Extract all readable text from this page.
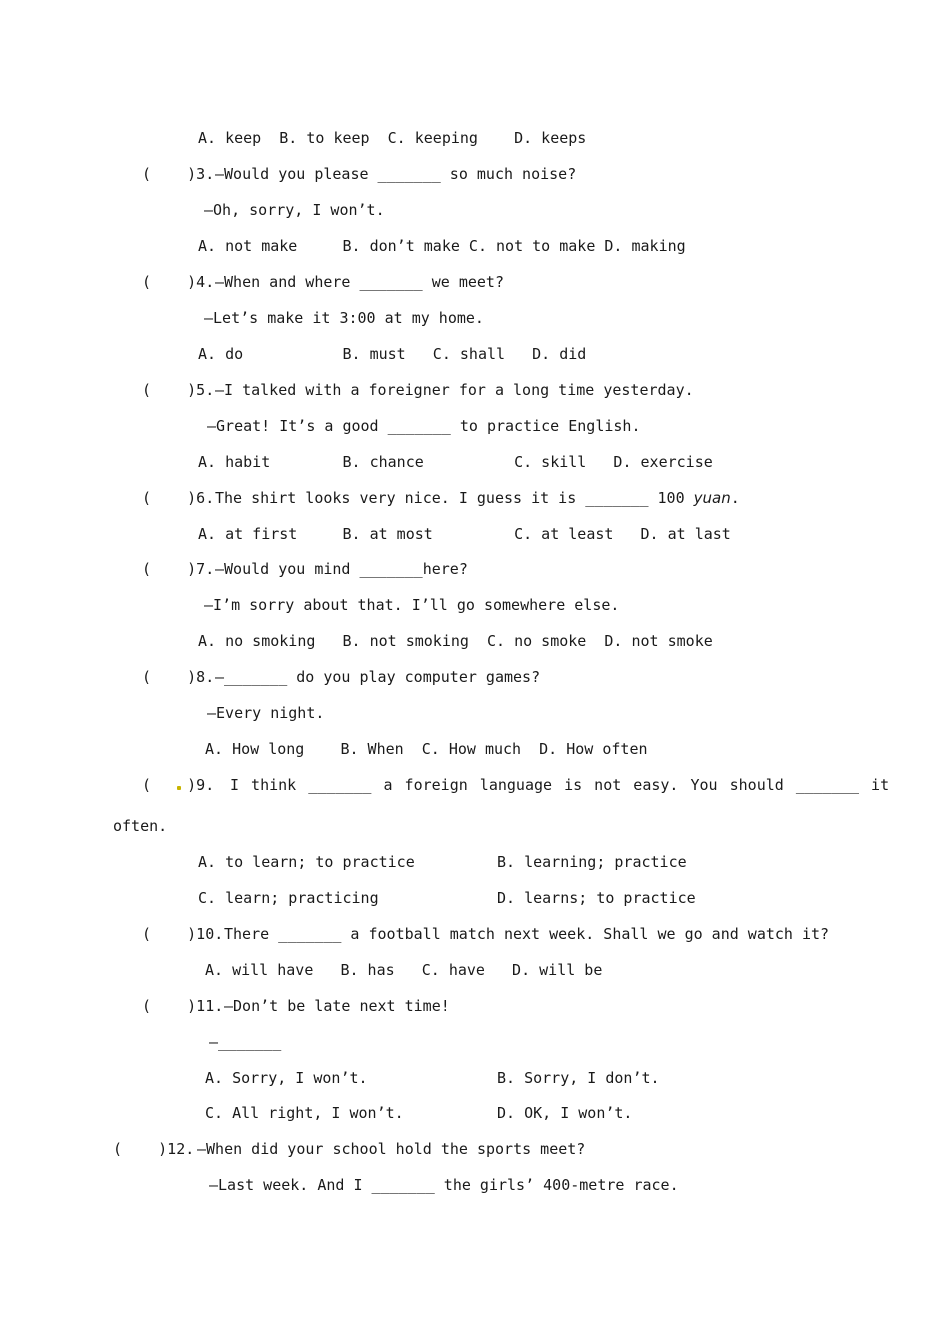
A. keep  B. to keep  C. keeping    D. keeps
(    )3. —Would you please _______ so much noise?
—Oh, sorry, I won’t.
A. not make     B. don’t make C. not to make D. making
(    )4. —When and where _______ we meet?
—Let’s make it 3:00 at my home.
A. do           B. must   C. shall   D. did
(    )5. —I talked with a foreigner for a long time yesterday.
—Great! It’s a good _______ to practice English.
A. habit        B. chance          C. skill   D. exercise
(    )6. The shirt looks very nice. I guess it is _______ 100 yuan.
A. at first     B. at most         C. at least   D. at last
(    )7. —Would you mind _______here?
—I’m sorry about that. I’ll go somewhere else.
A. no smoking   B. not smoking  C. no smoke  D. not smoke
(    )8. —_______ do you play computer games?
—Every night.
A. How long    B. When  C. How much  D. How often
(    )9. I think _______ a foreign language is not easy. You should _______ it
often.
A. to learn; to practice	B. learning; practice
C. learn; practicing	D. learns; to practice
(    )10. There _______ a football match next week. Shall we go and watch it?
A. will have   B. has   C. have   D. will be
(    )11. —Don’t be late next time!
—_______
A. Sorry, I won’t.	B. Sorry, I don’t.
C. All right, I won’t.	D. OK, I won’t.
(    )12. —When did your school hold the sports meet?
—Last week. And I _______ the girls’ 400-metre race.
